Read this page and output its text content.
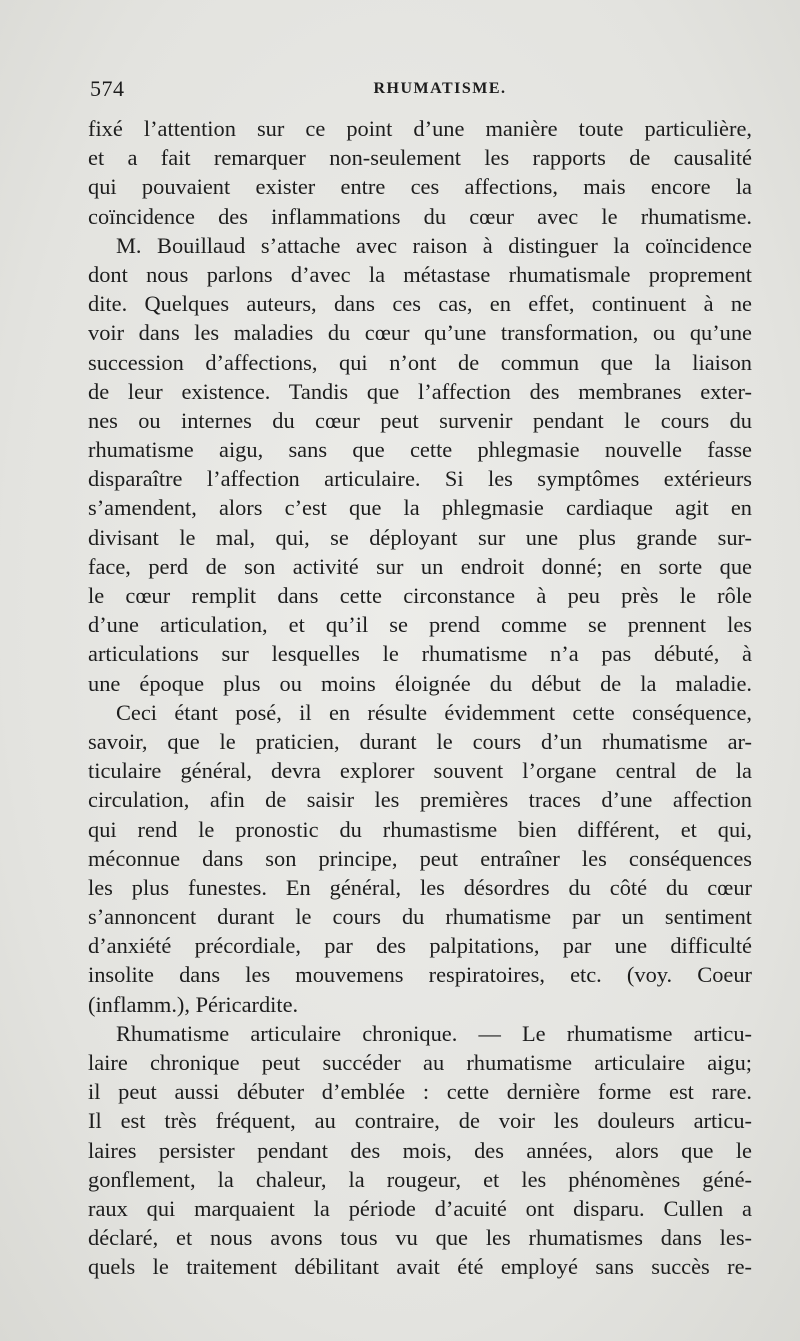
574	RHUMATISME.
fixé l’attention sur ce point d’une manière toute particulière,
et a fait remarquer non-seulement les rapports de causalité
qui pouvaient exister entre ces affections, mais encore la
coïncidence des inflammations du cœur avec le rhumatisme.
M. Bouillaud s’attache avec raison à distinguer la coïncidence
dont nous parlons d’avec la métastase rhumatismale proprement
dite. Quelques auteurs, dans ces cas, en effet, continuent à ne
voir dans les maladies du cœur qu’une transformation, ou qu’une
succession d’affections, qui n’ont de commun que la liaison
de leur existence. Tandis que l’affection des membranes exter-
nes ou internes du cœur peut survenir pendant le cours du
rhumatisme aigu, sans que cette phlegmasie nouvelle fasse
disparaître l’affection articulaire. Si les symptômes extérieurs
s’amendent, alors c’est que la phlegmasie cardiaque agit en
divisant le mal, qui, se déployant sur une plus grande sur-
face, perd de son activité sur un endroit donné; en sorte que
le cœur remplit dans cette circonstance à peu près le rôle
d’une articulation, et qu’il se prend comme se prennent les
articulations sur lesquelles le rhumatisme n’a pas débuté, à
une époque plus ou moins éloignée du début de la maladie.
Ceci étant posé, il en résulte évidemment cette conséquence,
savoir, que le praticien, durant le cours d’un rhumatisme ar-
ticulaire général, devra explorer souvent l’organe central de la
circulation, afin de saisir les premières traces d’une affection
qui rend le pronostic du rhumastisme bien différent, et qui,
méconnue dans son principe, peut entraîner les conséquences
les plus funestes. En général, les désordres du côté du cœur
s’annoncent durant le cours du rhumatisme par un sentiment
d’anxiété précordiale, par des palpitations, par une difficulté
insolite dans les mouvemens respiratoires, etc. (voy. Coeur
(inflamm.), Péricardite.
Rhumatisme articulaire chronique. — Le rhumatisme articu-
laire chronique peut succéder au rhumatisme articulaire aigu;
il peut aussi débuter d’emblée : cette dernière forme est rare.
Il est très fréquent, au contraire, de voir les douleurs articu-
laires persister pendant des mois, des années, alors que le
gonflement, la chaleur, la rougeur, et les phénomènes géné-
raux qui marquaient la période d’acuité ont disparu. Cullen a
déclaré, et nous avons tous vu que les rhumatismes dans les-
quels le traitement débilitant avait été employé sans succès re-
